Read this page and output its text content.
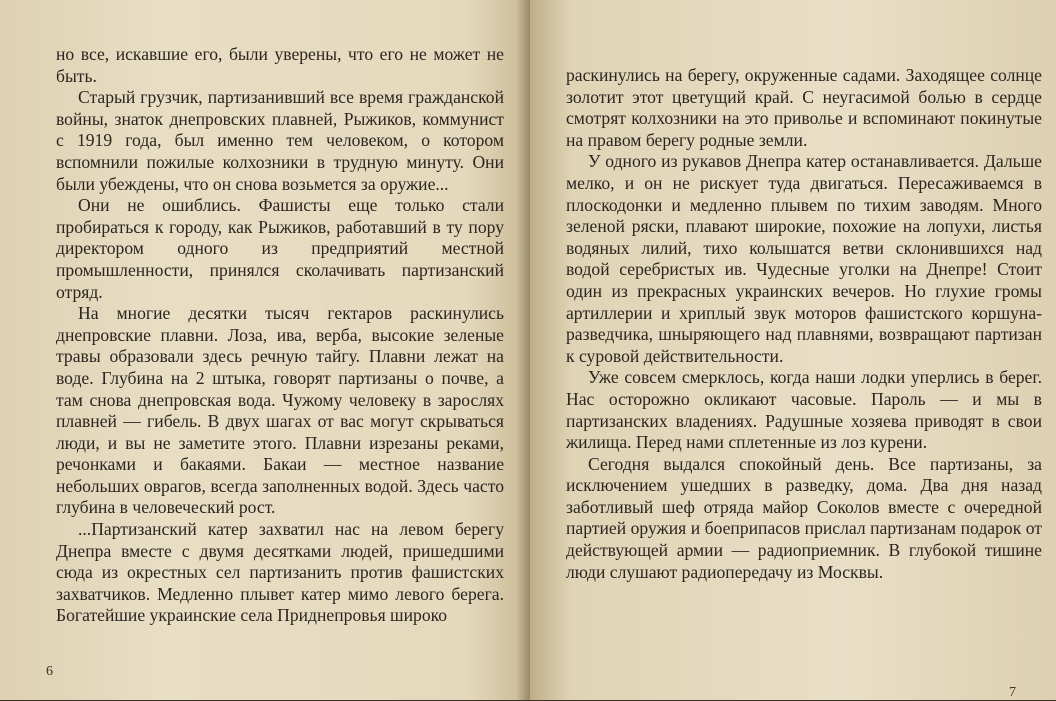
но все, искавшие его, были уверены, что его не может не быть.

Старый грузчик, партизанивший все время гражданской войны, знаток днепровских плавней, Рыжиков, коммунист с 1919 года, был именно тем человеком, о котором вспомнили пожилые колхозники в трудную минуту. Они были убеждены, что он снова возьмется за оружие...

Они не ошиблись. Фашисты еще только стали пробираться к городу, как Рыжиков, работавший в ту пору директором одного из предприятий местной промышленности, принялся сколачивать партизанский отряд.

На многие десятки тысяч гектаров раскинулись днепровские плавни. Лоза, ива, верба, высокие зеленые травы образовали здесь речную тайгу. Плавни лежат на воде. Глубина на 2 штыка, говорят партизаны о почве, а там снова днепровская вода. Чужому человеку в зарослях плавней — гибель. В двух шагах от вас могут скрываться люди, и вы не заметите этого. Плавни изрезаны реками, речонками и бакаями. Бакаи — местное название небольших оврагов, всегда заполненных водой. Здесь часто глубина в человеческий рост.

...Партизанский катер захватил нас на левом берегу Днепра вместе с двумя десятками людей, пришедшими сюда из окрестных сел партизанить против фашистских захватчиков. Медленно плывет катер мимо левого берега. Богатейшие украинские села Приднепровья широко

6

раскинулись на берегу, окруженные садами. Заходящее солнце золотит этот цветущий край. С неугасимой болью в сердце смотрят колхозники на это приволье и вспоминают покинутые на правом берегу родные земли.

У одного из рукавов Днепра катер останавливается. Дальше мелко, и он не рискует туда двигаться. Пересаживаемся в плоскодонки и медленно плывем по тихим заводям. Много зеленой ряски, плавают широкие, похожие на лопухи, листья водяных лилий, тихо колышатся ветви склонившихся над водой серебристых ив. Чудесные уголки на Днепре! Стоит один из прекрасных украинских вечеров. Но глухие громы артиллерии и хриплый звук моторов фашистского коршуна-разведчика, шныряющего над плавнями, возвращают партизан к суровой действительности.

Уже совсем смерклось, когда наши лодки уперлись в берег. Нас осторожно окликают часовые. Пароль — и мы в партизанских владениях. Радушные хозяева приводят в свои жилища. Перед нами сплетенные из лоз курени.

Сегодня выдался спокойный день. Все партизаны, за исключением ушедших в разведку, дома. Два дня назад заботливый шеф отряда майор Соколов вместе с очередной партией оружия и боеприпасов прислал партизанам подарок от действующей армии — радиоприемник. В глубокой тишине люди слушают радиопередачу из Москвы.

7
